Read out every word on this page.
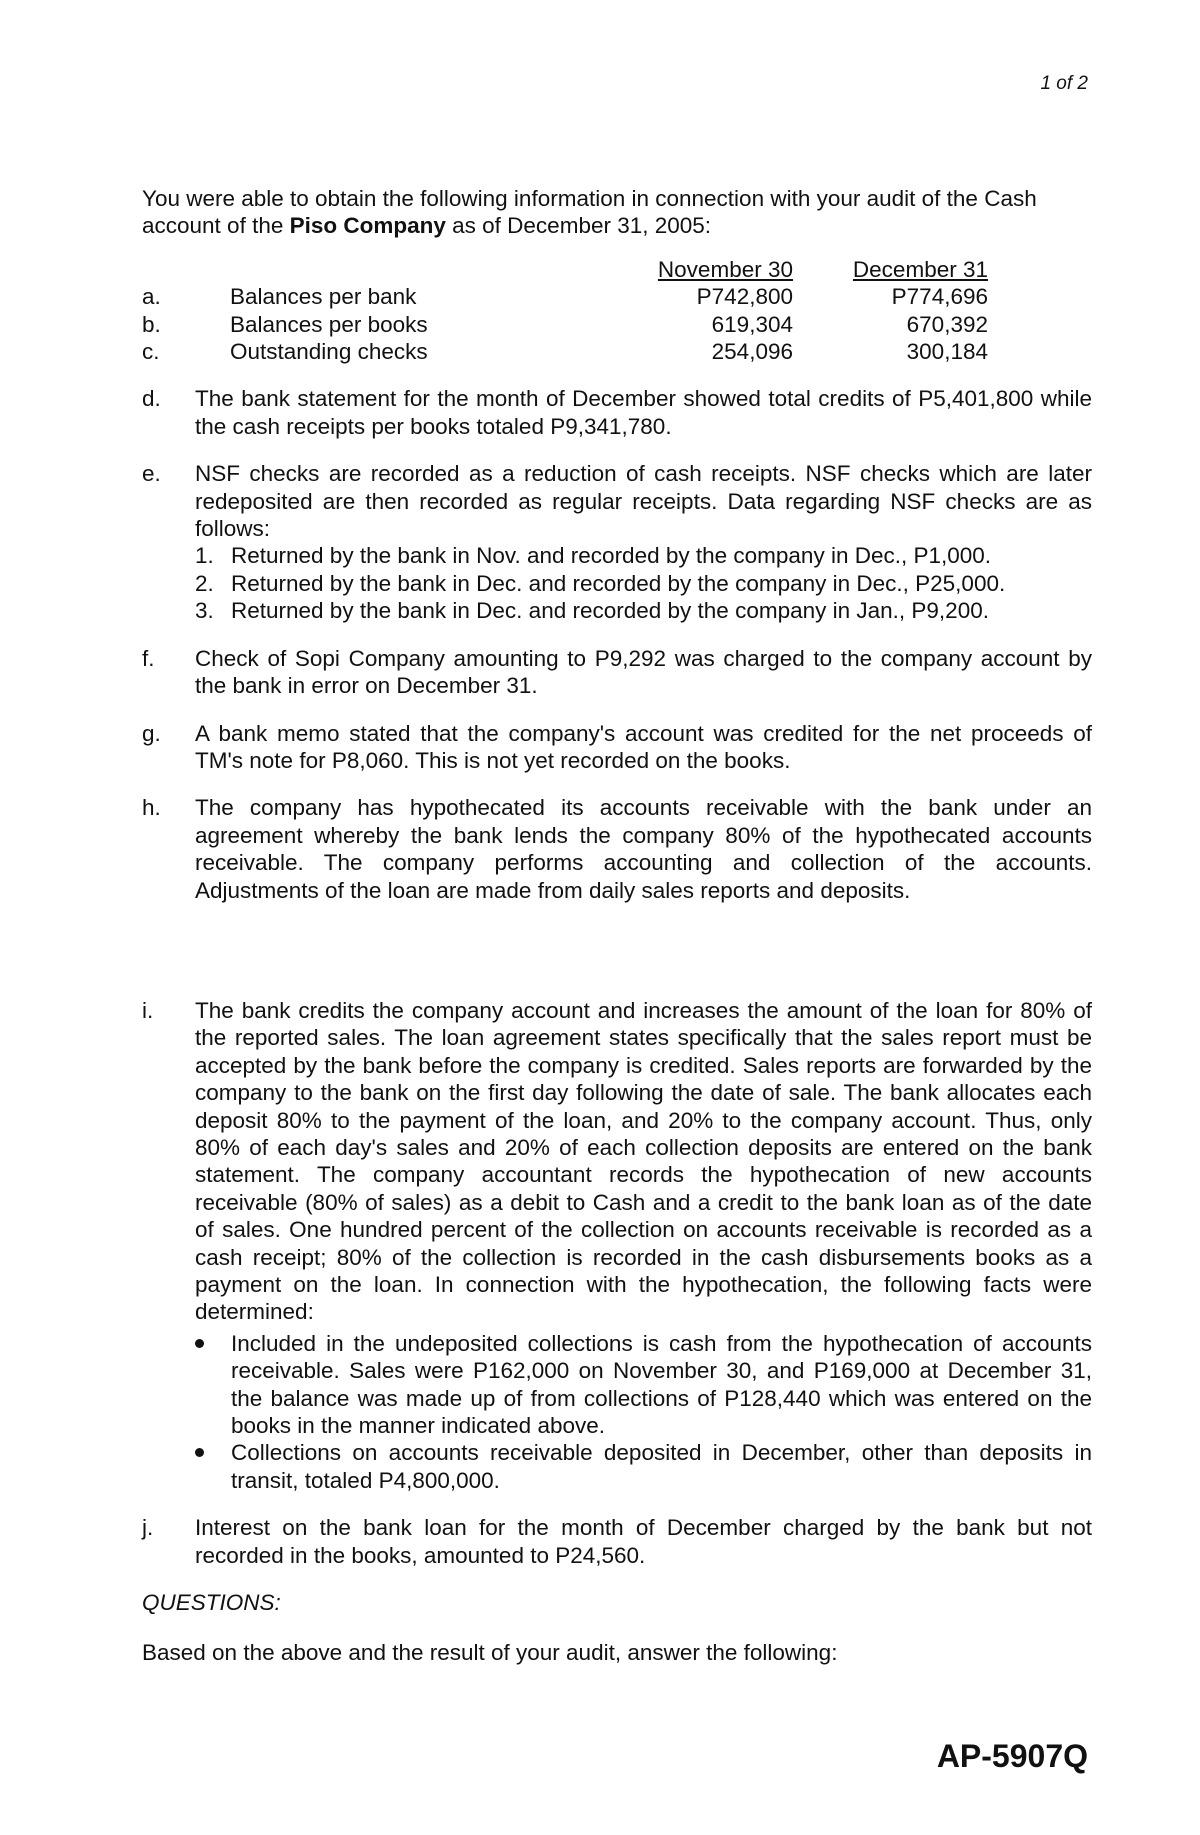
1 of 2

You were able to obtain the following information in connection with your audit of the Cash account of the Piso Company as of December 31, 2005:

		November 30	December 31
a.	Balances per bank	P742,800	P774,696
b.	Balances per books	619,304	670,392
c.	Outstanding checks	254,096	300,184
d. The bank statement for the month of December showed total credits of P5,401,800 while the cash receipts per books totaled P9,341,780.

e. NSF checks are recorded as a reduction of cash receipts. NSF checks which are later redeposited are then recorded as regular receipts. Data regarding NSF checks are as follows:

1. Returned by the bank in Nov. and recorded by the company in Dec., P1,000.

2. Returned by the bank in Dec. and recorded by the company in Dec., P25,000.

3. Returned by the bank in Dec. and recorded by the company in Jan., P9,200.

f. Check of Sopi Company amounting to P9,292 was charged to the company account by the bank in error on December 31.

g. A bank memo stated that the company's account was credited for the net proceeds of TM's note for P8,060. This is not yet recorded on the books.

h. The company has hypothecated its accounts receivable with the bank under an agreement whereby the bank lends the company 80% of the hypothecated accounts receivable. The company performs accounting and collection of the accounts. Adjustments of the loan are made from daily sales reports and deposits.

i. The bank credits the company account and increases the amount of the loan for 80% of the reported sales. The loan agreement states specifically that the sales report must be accepted by the bank before the company is credited. Sales reports are forwarded by the company to the bank on the first day following the date of sale. The bank allocates each deposit 80% to the payment of the loan, and 20% to the company account. Thus, only 80% of each day's sales and 20% of each collection deposits are entered on the bank statement. The company accountant records the hypothecation of new accounts receivable (80% of sales) as a debit to Cash and a credit to the bank loan as of the date of sales. One hundred percent of the collection on accounts receivable is recorded as a cash receipt; 80% of the collection is recorded in the cash disbursements books as a payment on the loan. In connection with the hypothecation, the following facts were determined:

Included in the undeposited collections is cash from the hypothecation of accounts receivable. Sales were P162,000 on November 30, and P169,000 at December 31, the balance was made up of from collections of P128,440 which was entered on the books in the manner indicated above.
Collections on accounts receivable deposited in December, other than deposits in transit, totaled P4,800,000.
j. Interest on the bank loan for the month of December charged by the bank but not recorded in the books, amounted to P24,560.

QUESTIONS:

Based on the above and the result of your audit, answer the following:

AP-5907Q
